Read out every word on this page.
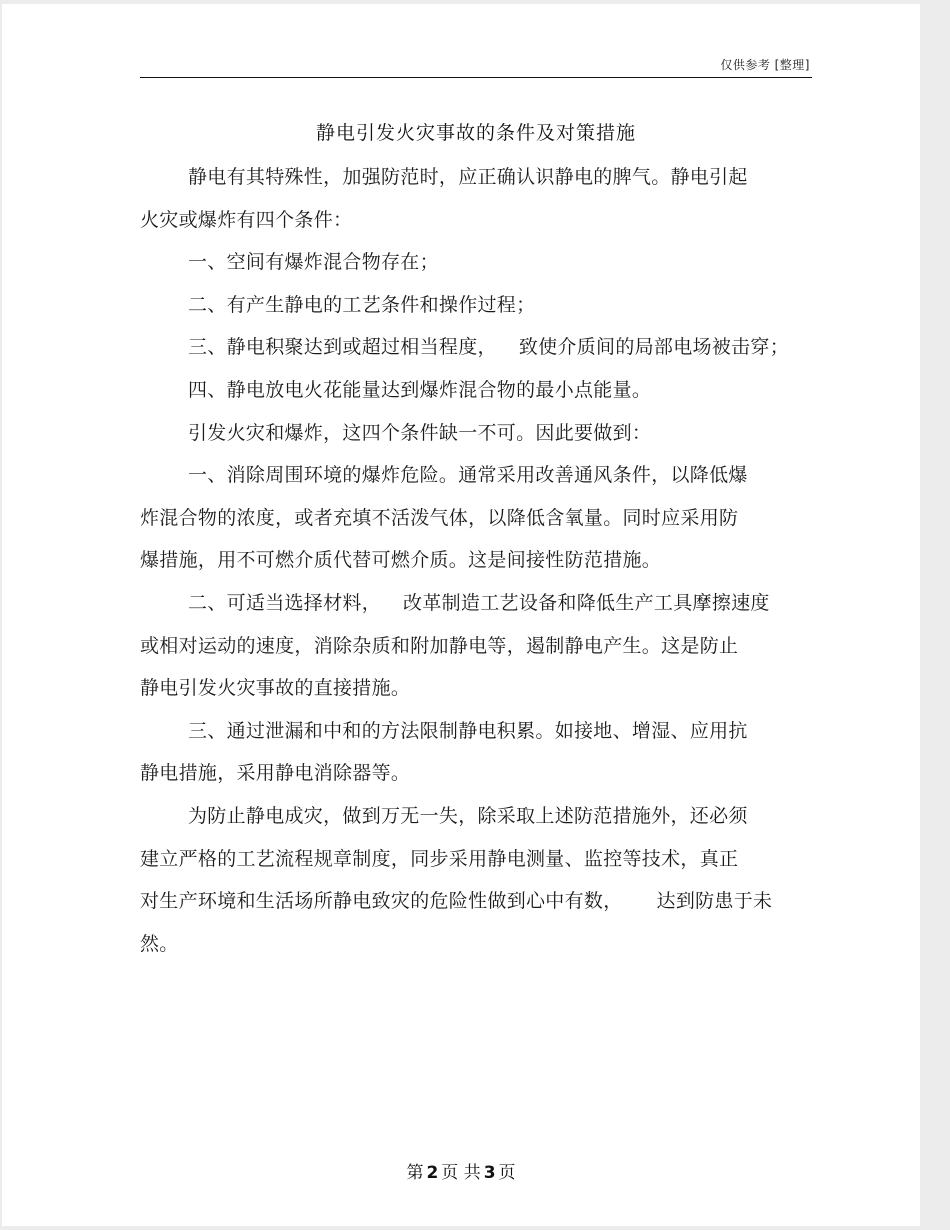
仅供参考 [整理]
静电引发火灾事故的条件及对策措施
静电有其特殊性，加强防范时，应正确认识静电的脾气。静电引起
火灾或爆炸有四个条件：
一、空间有爆炸混合物存在；
二、有产生静电的工艺条件和操作过程；
三、静电积聚达到或超过相当程度， 致使介质间的局部电场被击穿；
四、静电放电火花能量达到爆炸混合物的最小点能量。
引发火灾和爆炸，这四个条件缺一不可。因此要做到：
一、消除周围环境的爆炸危险。通常采用改善通风条件，以降低爆
炸混合物的浓度，或者充填不活泼气体，以降低含氧量。同时应采用防
爆措施，用不可燃介质代替可燃介质。这是间接性防范措施。
二、可适当选择材料， 改革制造工艺设备和降低生产工具摩擦速度
或相对运动的速度，消除杂质和附加静电等，遏制静电产生。这是防止
静电引发火灾事故的直接措施。
三、通过泄漏和中和的方法限制静电积累。如接地、增湿、应用抗
静电措施，采用静电消除器等。
为防止静电成灾，做到万无一失，除采取上述防范措施外，还必须
建立严格的工艺流程规章制度，同步采用静电测量、监控等技术，真正
对生产环境和生活场所静电致灾的危险性做到心中有数， 达到防患于未
然。
第 2 页 共 3 页
